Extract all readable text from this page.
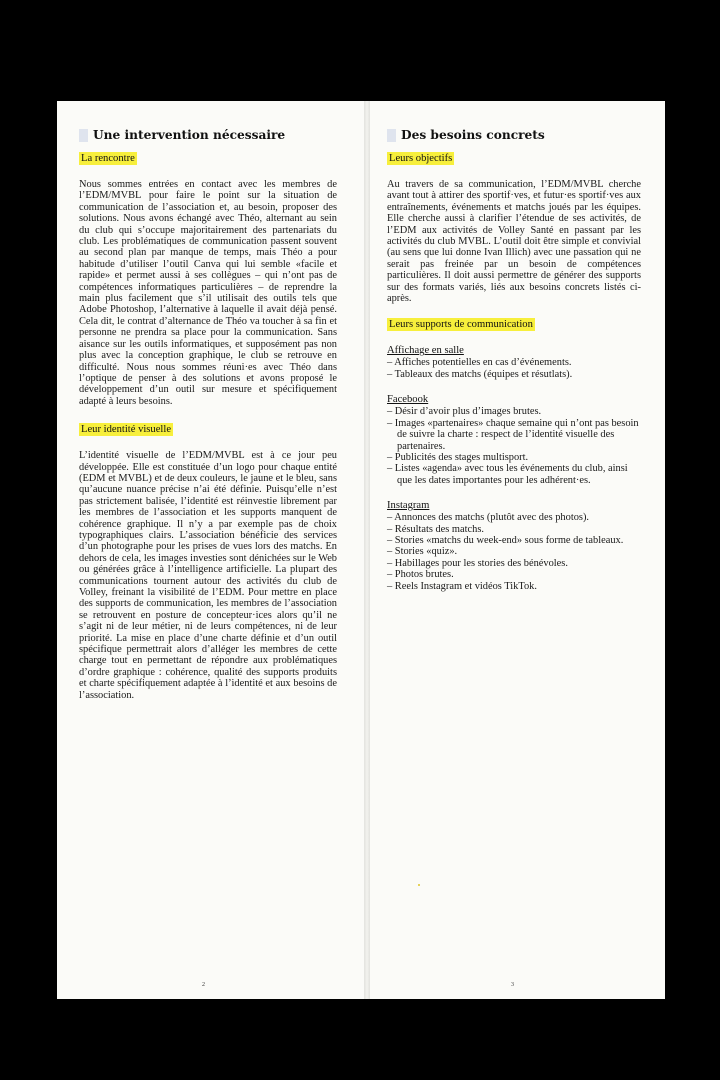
Une intervention nécessaire
La rencontre

Nous sommes entrées en contact avec les membres de l’EDM/MVBL pour faire le point sur la situation de communication de l’association et, au besoin, proposer des solutions. Nous avons échangé avec Théo, alternant au sein du club qui s’occupe majoritairement des partenariats du club. Les problématiques de communication passent souvent au second plan par manque de temps, mais Théo a pour habitude d’utiliser l’outil Canva qui lui semble «facile et rapide» et permet aussi à ses collègues – qui n’ont pas de compétences informatiques particulières – de reprendre la main plus facilement que s’il utilisait des outils tels que Adobe Photoshop, l’alternative à laquelle il avait déjà pensé. Cela dit, le contrat d’alternance de Théo va toucher à sa fin et personne ne prendra sa place pour la communication. Sans aisance sur les outils informatiques, et supposément pas non plus avec la conception graphique, le club se retrouve en difficulté. Nous nous sommes réuni·es avec Théo dans l’optique de penser à des solutions et avons proposé le développement d’un outil sur mesure et spécifiquement adapté à leurs besoins.

Leur identité visuelle

L’identité visuelle de l’EDM/MVBL est à ce jour peu développée. Elle est constituée d’un logo pour chaque entité (EDM et MVBL) et de deux couleurs, le jaune et le bleu, sans qu’aucune nuance précise n’ai été définie. Puisqu’elle n’est pas strictement balisée, l’identité est réinvestie librement par les membres de l’association et les supports manquent de cohérence graphique. Il n’y a par exemple pas de choix typographiques clairs. L’association bénéficie des services d’un photographe pour les prises de vues lors des matchs. En dehors de cela, les images investies sont dénichées sur le Web ou générées grâce à l’intelligence artificielle. La plupart des communications tournent autour des activités du club de Volley, freinant la visibilité de l’EDM. Pour mettre en place des supports de communication, les membres de l’association se retrouvent en posture de concepteur·ices alors qu’il ne s’agit ni de leur métier, ni de leurs compétences, ni de leur priorité. La mise en place d’une charte définie et d’un outil spécifique permettrait alors d’alléger les membres de cette charge tout en permettant de répondre aux problématiques d’ordre graphique : cohérence, qualité des supports produits et charte spécifiquement adaptée à l’identité et aux besoins de l’association.

2
Des besoins concrets
Leurs objectifs

Au travers de sa communication, l’EDM/MVBL cherche avant tout à attirer des sportif·ves, et futur·es sportif·ves aux entraînements, événements et matchs joués par les équipes. Elle cherche aussi à clarifier l’étendue de ses activités, de l’EDM aux activités de Volley Santé en passant par les activités du club MVBL. L’outil doit être simple et convivial (au sens que lui donne Ivan Illich) avec une passation qui ne serait pas freinée par un besoin de compétences particulières. Il doit aussi permettre de générer des supports sur des formats variés, liés aux besoins concrets listés ci-après.

Leurs supports de communication
Affichage en salle
– Affiches potentielles en cas d’événements.
– Tableaux des matchs (équipes et résutlats).
Facebook
– Désir d’avoir plus d’images brutes.
– Images «partenaires» chaque semaine qui n’ont pas besoin de suivre la charte : respect de l’identité visuelle des partenaires.
– Publicités des stages multisport.
– Listes «agenda» avec tous les événements du club, ainsi que les dates importantes pour les adhérent·es.
Instagram
– Annonces des matchs (plutôt avec des photos).
– Résultats des matchs.
– Stories «matchs du week-end» sous forme de tableaux.
– Stories «quiz».
– Habillages pour les stories des bénévoles.
– Photos brutes.
– Reels Instagram et vidéos TikTok.
3
